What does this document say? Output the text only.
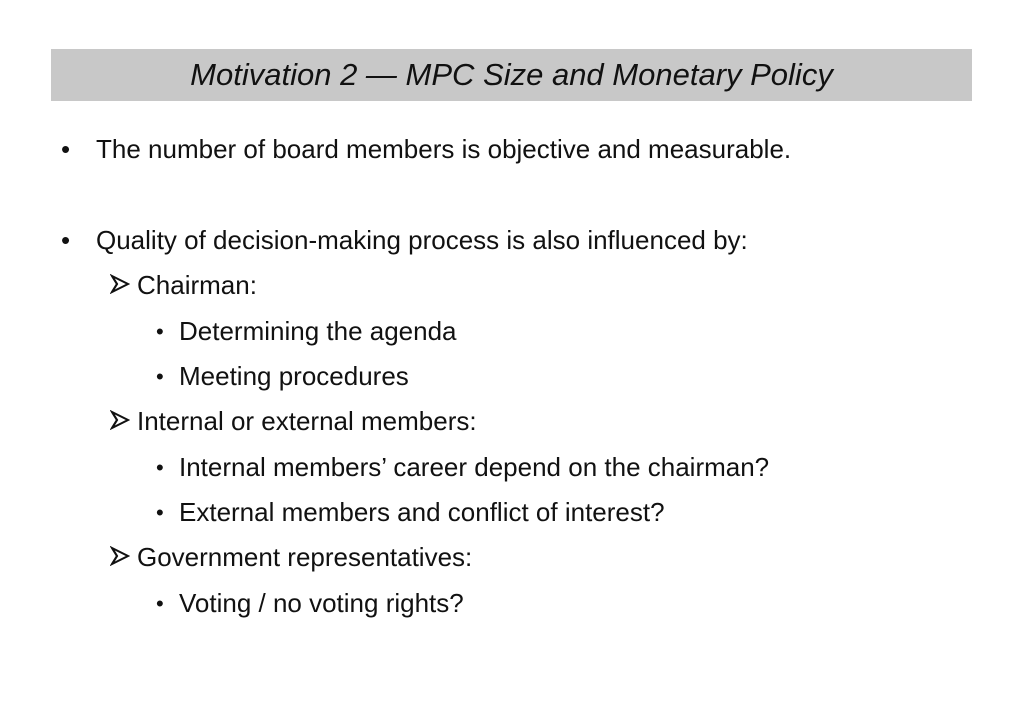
Motivation 2 — MPC Size and Monetary Policy
• The number of board members is objective and measurable.
• Quality of decision-making process is also influenced by:
Chairman:
• Determining the agenda
• Meeting procedures
Internal or external members:
• Internal members’ career depend on the chairman?
• External members and conflict of interest?
Government representatives:
• Voting / no voting rights?
